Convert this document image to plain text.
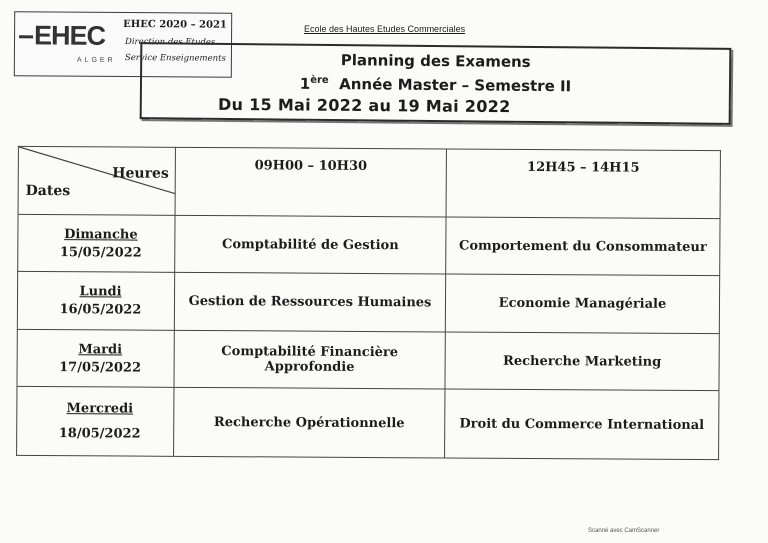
EHEC
ALGER
EHEC 2020 – 2021
Direction des Etudes
Service Enseignements
Ecole des Hautes Etudes Commerciales
Planning des Examens
1ère Année Master – Semestre II
Du 15 Mai 2022 au 19 Mai 2022
Heures
Dates	09H00 – 10H30	12H45 – 14H15

Dimanche
15/05/2022	Comptabilité de Gestion	Comportement du Consommateur

Lundi
16/05/2022	Gestion de Ressources Humaines	Economie Managériale

Mardi
17/05/2022	Comptabilité Financière Approfondie	Recherche Marketing

Mercredi
18/05/2022	Recherche Opérationnelle	Droit du Commerce International
Scanné avec CamScanner
